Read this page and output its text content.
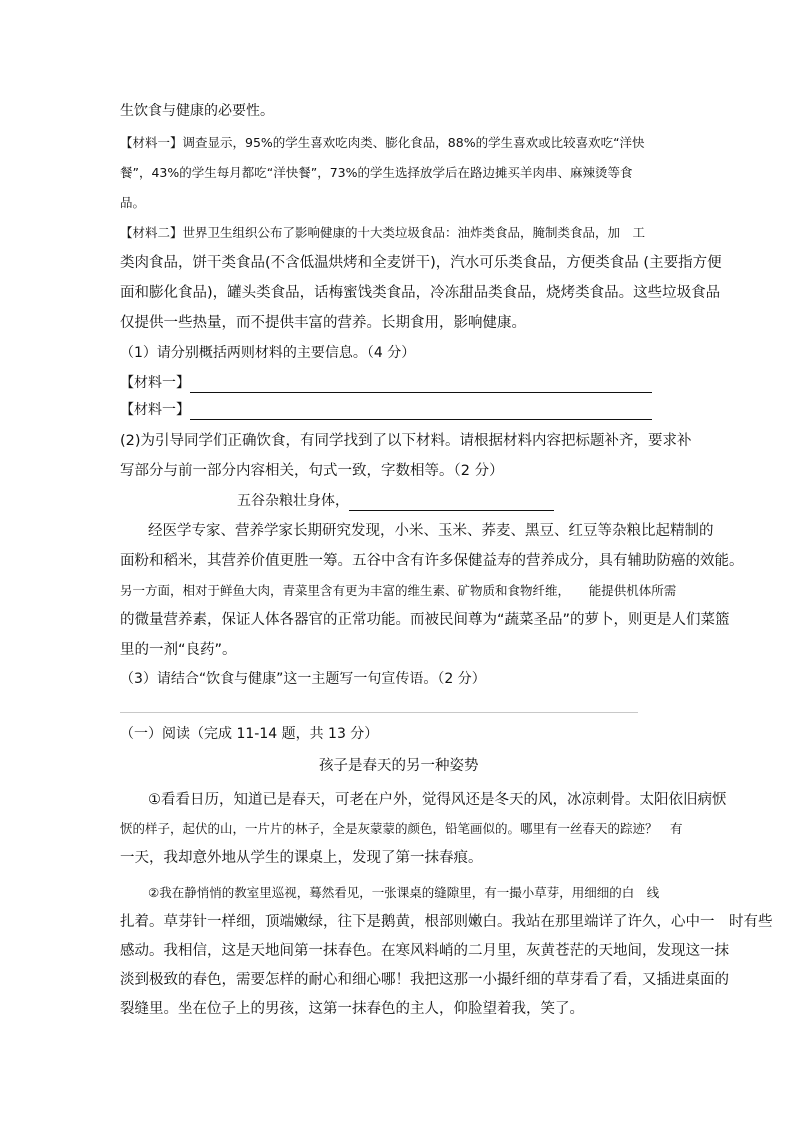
生饮食与健康的必要性。
【材料一】调查显示，95%的学生喜欢吃肉类、膨化食品，88%的学生喜欢或比较喜欢吃“洋快
餐”，43%的学生每月都吃“洋快餐”，73%的学生选择放学后在路边摊买羊肉串、麻辣烫等食
品。
【材料二】世界卫生组织公布了影响健康的十大类垃圾食品：油炸类食品，腌制类食品，加　工
类肉食品，饼干类食品(不含低温烘烤和全麦饼干)，汽水可乐类食品，方便类食品 (主要指方便
面和膨化食品)，罐头类食品，话梅蜜饯类食品，冷冻甜品类食品，烧烤类食品。这些垃圾食品
仅提供一些热量，而不提供丰富的营养。长期食用，影响健康。
（1）请分别概括两则材料的主要信息。（4 分）
【材料一】
【材料一】
(2)为引导同学们正确饮食，有同学找到了以下材料。请根据材料内容把标题补齐，要求补
写部分与前一部分内容相关，句式一致，字数相等。（2 分）
五谷杂粮壮身体，
经医学专家、营养学家长期研究发现，小米、玉米、荞麦、黑豆、红豆等杂粮比起精制的
面粉和稻米，其营养价值更胜一筹。五谷中含有许多保健益寿的营养成分，具有辅助防癌的效能。
另一方面，相对于鲜鱼大肉，青菜里含有更为丰富的维生素、矿物质和食物纤维，　　能提供机体所需
的微量营养素，保证人体各器官的正常功能。而被民间尊为“蔬菜圣品”的萝卜，则更是人们菜篮
里的一剂“良药”。
（3）请结合“饮食与健康”这一主题写一句宣传语。（2 分）
（一）阅读（完成 11-14 题，共 13 分）
孩子是春天的另一种姿势
①看看日历，知道已是春天，可老在户外，觉得风还是冬天的风，冰凉刺骨。太阳依旧病恹
恹的样子，起伏的山，一片片的林子，全是灰蒙蒙的颜色，铅笔画似的。哪里有一丝春天的踪迹？　有
一天，我却意外地从学生的课桌上，发现了第一抹春痕。
②我在静悄悄的教室里巡视，蓦然看见，一张课桌的缝隙里，有一撮小草芽，用细细的白　线
扎着。草芽针一样细，顶端嫩绿，往下是鹅黄，根部则嫩白。我站在那里端详了许久，心中一　时有些
感动。我相信，这是天地间第一抹春色。在寒风料峭的二月里，灰黄苍茫的天地间，发现这一抹
淡到极致的春色，需要怎样的耐心和细心哪！我把这那一小撮纤细的草芽看了看，又插进桌面的
裂缝里。坐在位子上的男孩，这第一抹春色的主人，仰脸望着我，笑了。
